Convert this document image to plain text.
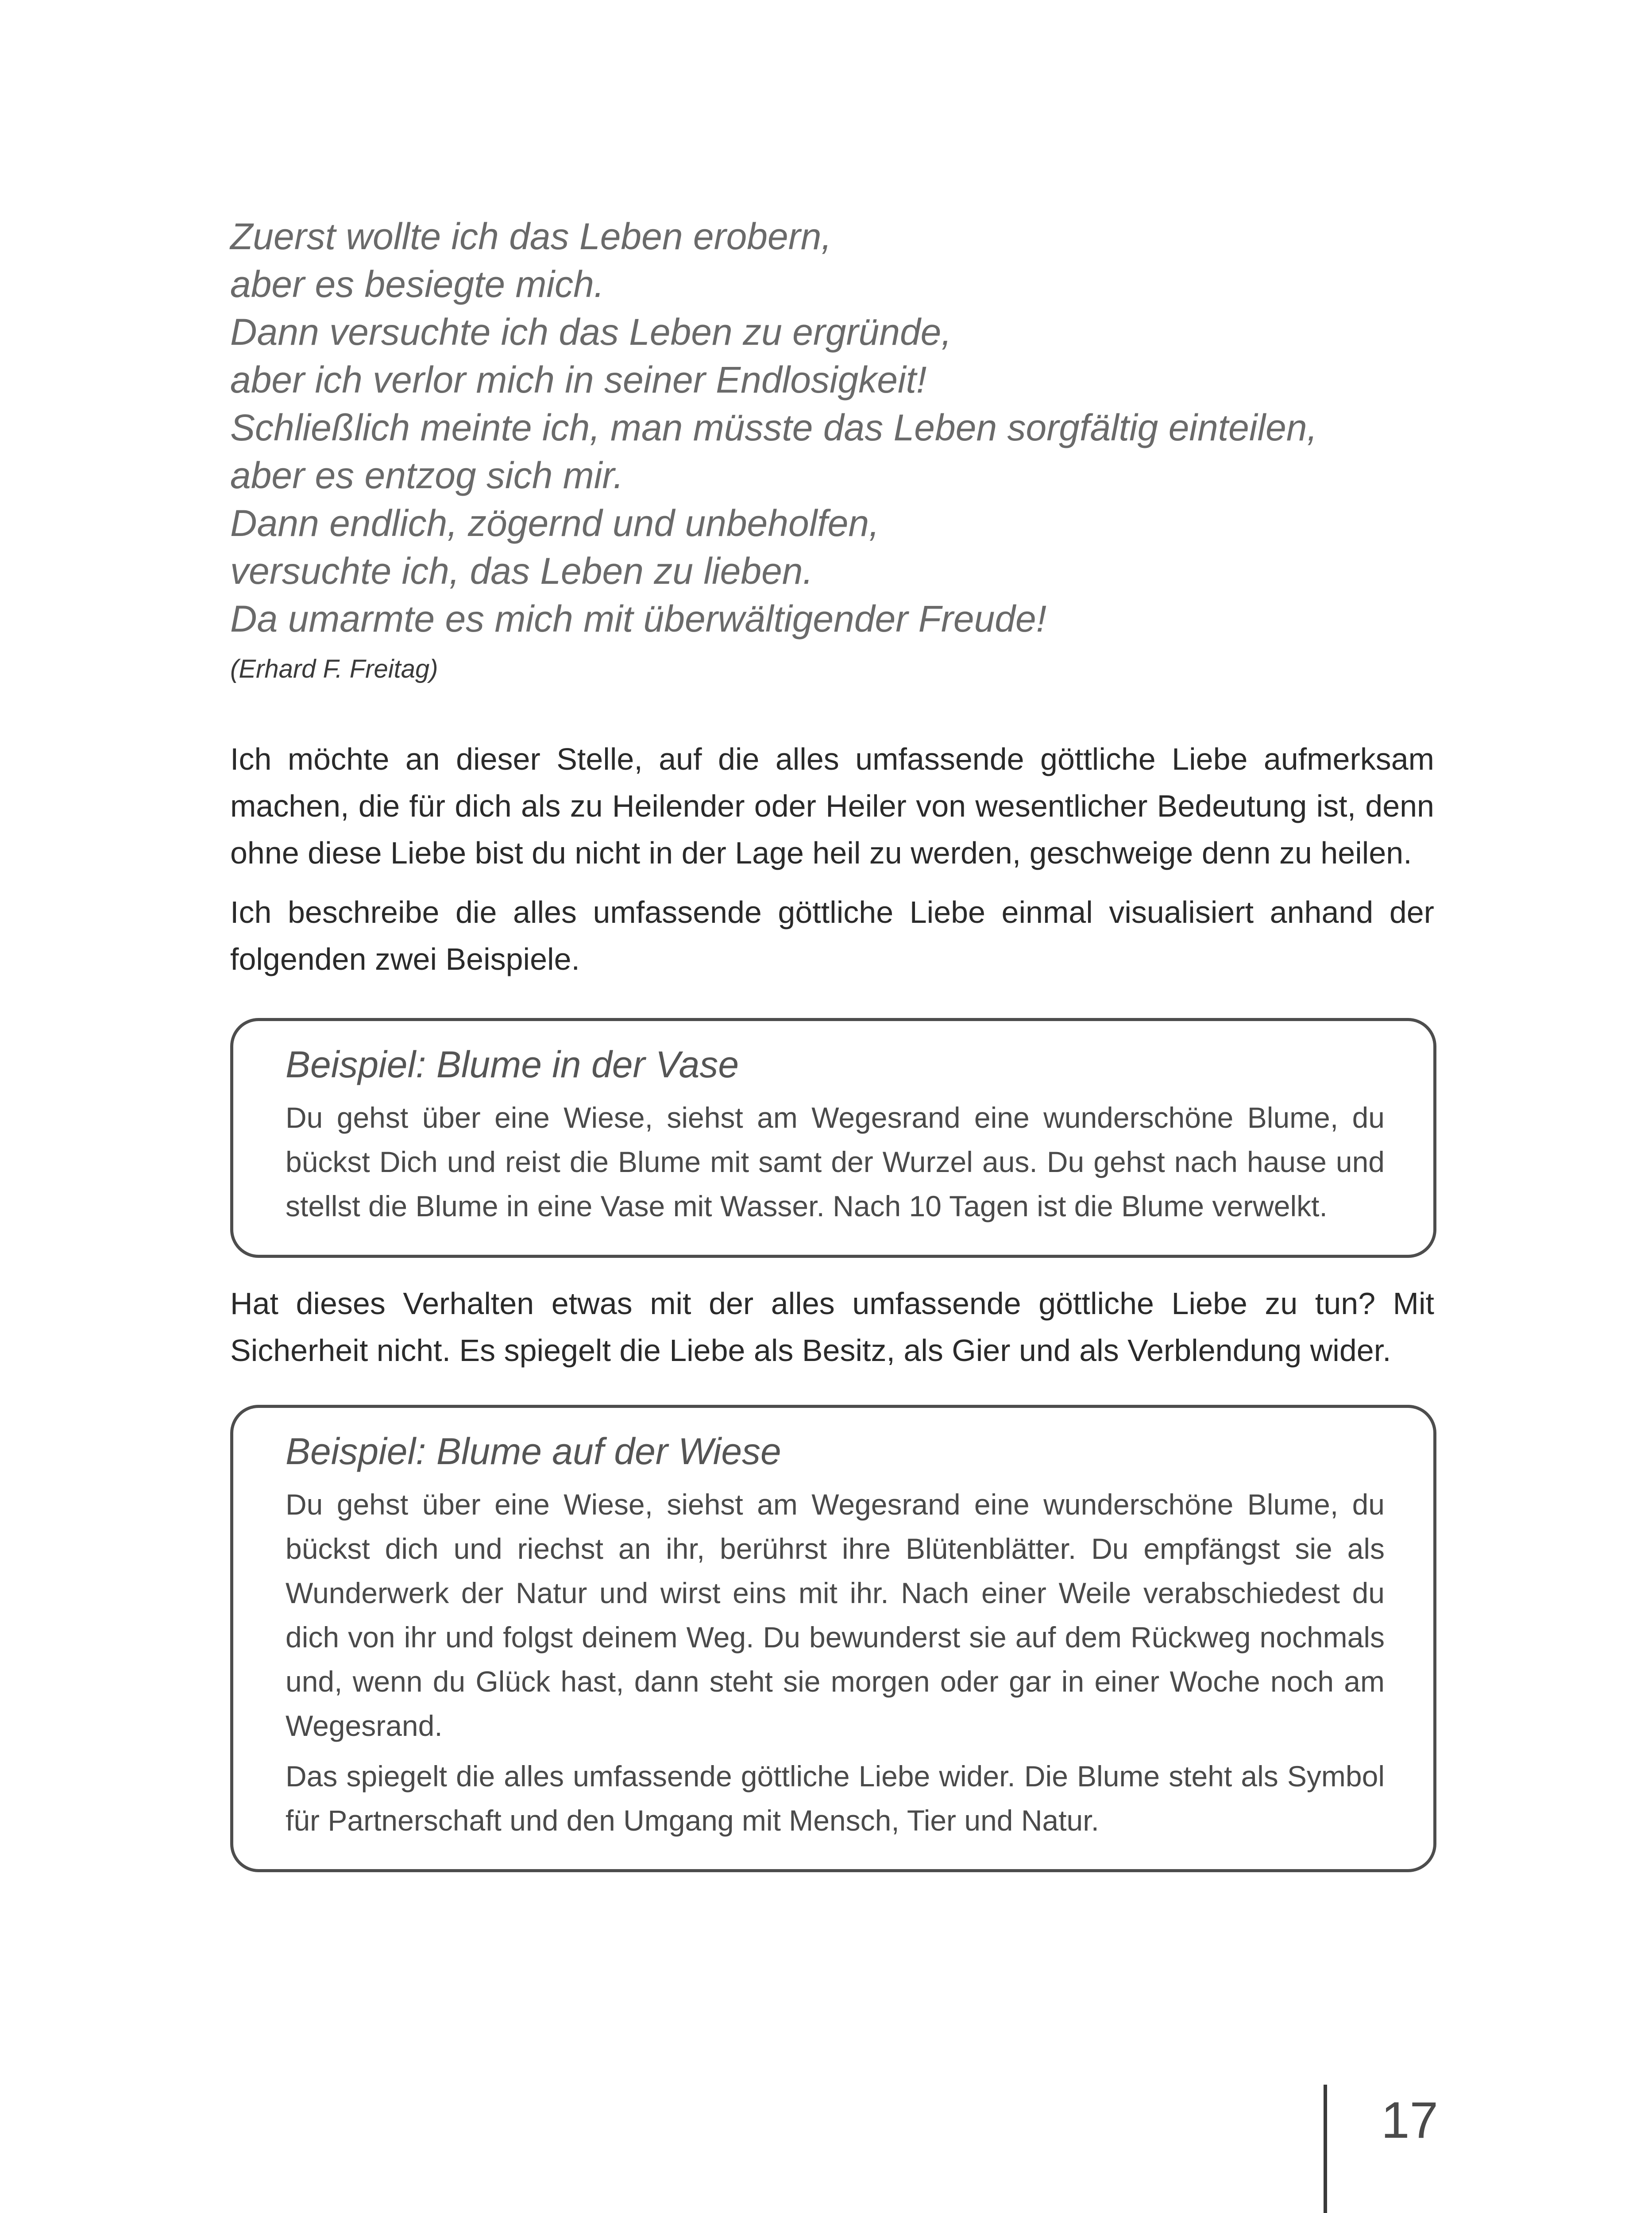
Zuerst wollte ich das Leben erobern,
aber es besiegte mich.
Dann versuchte ich das Leben zu ergründe,
aber ich verlor mich in seiner Endlosigkeit!
Schließlich meinte ich, man müsste das Leben sorgfältig einteilen,
aber es entzog sich mir.
Dann endlich, zögernd und unbeholfen,
versuchte ich, das Leben zu lieben.
Da umarmte es mich mit überwältigender Freude!
(Erhard F. Freitag)

Ich möchte an dieser Stelle, auf die alles umfassende göttliche Liebe aufmerksam machen, die für dich als zu Heilender oder Heiler von wesentlicher Bedeutung ist, denn ohne diese Liebe bist du nicht in der Lage heil zu werden, geschweige denn zu heilen.

Ich beschreibe die alles umfassende göttliche Liebe einmal visualisiert anhand der folgenden zwei Beispiele.

Beispiel: Blume in der Vase

Du gehst über eine Wiese, siehst am Wegesrand eine wunderschöne Blume, du bückst Dich und reist die Blume mit samt der Wurzel aus. Du gehst nach hause und stellst die Blume in eine Vase mit Wasser. Nach 10 Tagen ist die Blume verwelkt.

Hat dieses Verhalten etwas mit der alles umfassende göttliche Liebe zu tun? Mit Sicherheit nicht. Es spiegelt die Liebe als Besitz, als Gier und als Verblendung wider.

Beispiel: Blume auf der Wiese

Du gehst über eine Wiese, siehst am Wegesrand eine wunderschöne Blume, du bückst dich und riechst an ihr, berührst ihre Blütenblätter. Du empfängst sie als Wunderwerk der Natur und wirst eins mit ihr. Nach einer Weile verabschiedest du dich von ihr und folgst deinem Weg. Du bewunderst sie auf dem Rückweg nochmals und, wenn du Glück hast, dann steht sie morgen oder gar in einer Woche noch am Wegesrand.

Das spiegelt die alles umfassende göttliche Liebe wider. Die Blume steht als Symbol für Partnerschaft und den Umgang mit Mensch, Tier und Natur.

17
